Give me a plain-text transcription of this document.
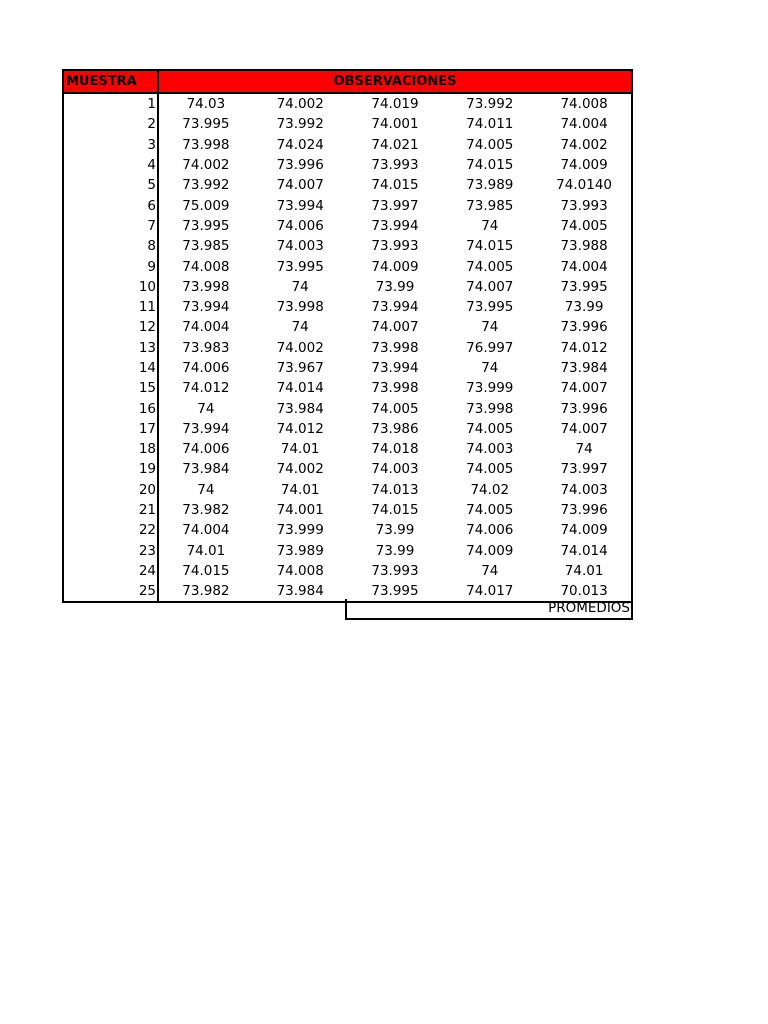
MUESTRA	OBSERVACIONES				
1	74.03	74.002	74.019	73.992	74.008
2	73.995	73.992	74.001	74.011	74.004
3	73.998	74.024	74.021	74.005	74.002
4	74.002	73.996	73.993	74.015	74.009
5	73.992	74.007	74.015	73.989	74.0140
6	75.009	73.994	73.997	73.985	73.993
7	73.995	74.006	73.994	74	74.005
8	73.985	74.003	73.993	74.015	73.988
9	74.008	73.995	74.009	74.005	74.004
10	73.998	74	73.99	74.007	73.995
11	73.994	73.998	73.994	73.995	73.99
12	74.004	74	74.007	74	73.996
13	73.983	74.002	73.998	76.997	74.012
14	74.006	73.967	73.994	74	73.984
15	74.012	74.014	73.998	73.999	74.007
16	74	73.984	74.005	73.998	73.996
17	73.994	74.012	73.986	74.005	74.007
18	74.006	74.01	74.018	74.003	74
19	73.984	74.002	74.003	74.005	73.997
20	74	74.01	74.013	74.02	74.003
21	73.982	74.001	74.015	74.005	73.996
22	74.004	73.999	73.99	74.006	74.009
23	74.01	73.989	73.99	74.009	74.014
24	74.015	74.008	73.993	74	74.01
25	73.982	73.984	73.995	74.017	70.013
PROMEDIOS
